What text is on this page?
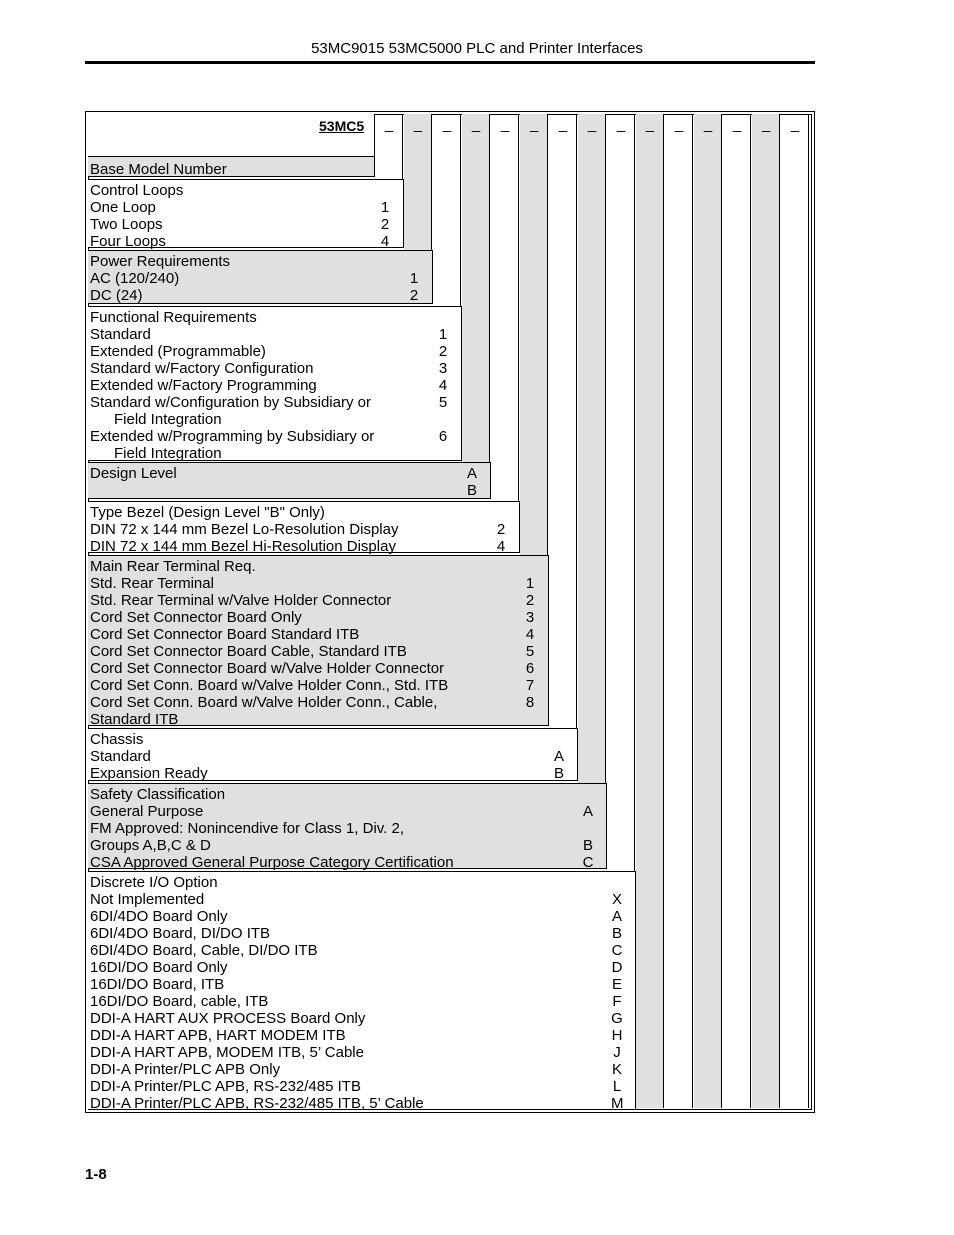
53MC9015 53MC5000 PLC and Printer Interfaces
53MC5	_	_	_	_	_	_	_	_	_	_	_	_	_	_	_
Base Model Number
Control Loops
One Loop	1
Two Loops	2
Four Loops	4
Power Requirements
AC (120/240)	1
DC (24)	2
Functional Requirements
Standard	1
Extended (Programmable)	2
Standard w/Factory Configuration	3
Extended w/Factory Programming	4
Standard w/Configuration by Subsidiary or	5
Field Integration
Extended w/Programming by Subsidiary or	6
Field Integration
Design Level	A
B
Type Bezel (Design Level "B" Only)
DIN 72 x 144 mm Bezel Lo-Resolution Display	2
DIN 72 x 144 mm Bezel Hi-Resolution Display	4
Main Rear Terminal Req.
Std. Rear Terminal	1
Std. Rear Terminal w/Valve Holder Connector	2
Cord Set Connector Board Only	3
Cord Set Connector Board Standard ITB	4
Cord Set Connector Board Cable, Standard ITB	5
Cord Set Connector Board w/Valve Holder Connector	6
Cord Set Conn. Board w/Valve Holder Conn., Std. ITB	7
Cord Set Conn. Board w/Valve Holder Conn., Cable,	8
Standard ITB
Chassis
Standard	A
Expansion Ready	B
Safety Classification
General Purpose	A
FM Approved: Nonincendive for Class 1, Div. 2,
Groups A,B,C & D	B
CSA Approved General Purpose Category Certification	C
Discrete I/O Option
Not Implemented	X
6DI/4DO Board Only	A
6DI/4DO Board, DI/DO ITB	B
6DI/4DO Board, Cable, DI/DO ITB	C
16DI/DO Board Only	D
16DI/DO Board, ITB	E
16DI/DO Board, cable, ITB	F
DDI-A HART AUX PROCESS Board Only	G
DDI-A HART APB, HART MODEM ITB	H
DDI-A HART APB, MODEM ITB, 5’ Cable	J
DDI-A Printer/PLC APB Only	K
DDI-A Printer/PLC APB, RS-232/485 ITB	L
DDI-A Printer/PLC APB, RS-232/485 ITB, 5’ Cable	M
1-8
